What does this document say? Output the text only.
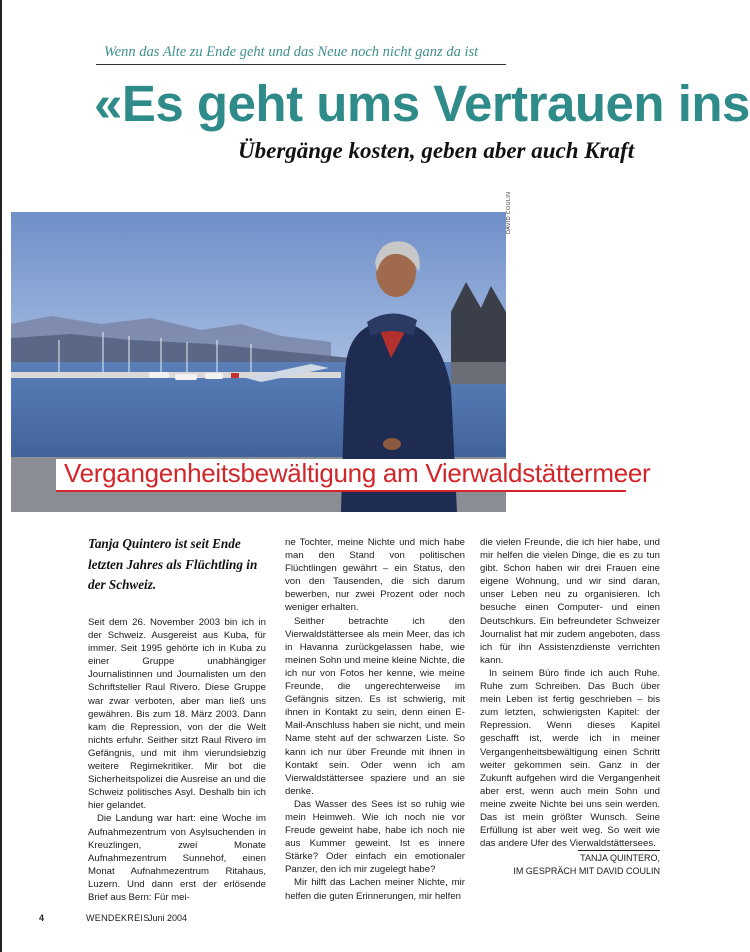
Wenn das Alte zu Ende geht und das Neue noch nicht ganz da ist
«Es geht ums Vertrauen ins
Übergänge kosten, geben aber auch Kraft
DAVID COULIN
Vergangenheitsbewältigung am Vierwaldstättermeer
Tanja Quintero ist seit Ende letzten Jahres als Flüchtling in der Schweiz.

Seit dem 26. November 2003 bin ich in der Schweiz. Ausgereist aus Kuba, für immer. Seit 1995 gehörte ich in Kuba zu einer Gruppe unabhängiger Journalistinnen und Journalisten um den Schriftsteller Raul Rivero. Diese Gruppe war zwar verboten, aber man ließ uns gewähren. Bis zum 18. März 2003. Dann kam die Repression, von der die Welt nichts erfuhr. Seither sitzt Raul Rivero im Gefängnis, und mit ihm vierundsiebzig weitere Regimekritiker. Mir bot die Sicherheitspolizei die Ausreise an und die Schweiz politisches Asyl. Deshalb bin ich hier gelandet.

Die Landung war hart: eine Woche im Aufnahmezentrum von Asylsuchenden in Kreuzlingen, zwei Monate Aufnahmezentrum Sunnehof, einen Monat Aufnahmezentrum Ritahaus, Luzern. Und dann erst der erlösende Brief aus Bern: Für mei-

ne Tochter, meine Nichte und mich habe man den Stand von politischen Flüchtlingen gewährt – ein Status, den von den Tausenden, die sich darum bewerben, nur zwei Prozent oder noch weniger erhalten.

Seither betrachte ich den Vierwaldstättersee als mein Meer, das ich in Havanna zurückgelassen habe, wie meinen Sohn und meine kleine Nichte, die ich nur von Fotos her kenne, wie meine Freunde, die ungerechterweise im Gefängnis sitzen. Es ist schwierig, mit ihnen in Kontakt zu sein, denn einen E-Mail-Anschluss haben sie nicht, und mein Name steht auf der schwarzen Liste. So kann ich nur über Freunde mit ihnen in Kontakt sein. Oder wenn ich am Vierwaldstättersee spaziere und an sie denke.

Das Wasser des Sees ist so ruhig wie mein Heimweh. Wie ich noch nie vor Freude geweint habe, habe ich noch nie aus Kummer geweint. Ist es innere Stärke? Oder einfach ein emotionaler Panzer, den ich mir zugelegt habe?

Mir hilft das Lachen meiner Nichte, mir helfen die guten Erinnerungen, mir helfen

die vielen Freunde, die ich hier habe, und mir helfen die vielen Dinge, die es zu tun gibt. Schon haben wir drei Frauen eine eigene Wohnung, und wir sind daran, unser Leben neu zu organisieren. Ich besuche einen Computer- und einen Deutschkurs. Ein befreundeter Schweizer Journalist hat mir zudem angeboten, dass ich für ihn Assistenzdienste verrichten kann.

In seinem Büro finde ich auch Ruhe. Ruhe zum Schreiben. Das Buch über mein Leben ist fertig geschrieben – bis zum letzten, schwierigsten Kapitel: der Repression. Wenn dieses Kapitel geschafft ist, werde ich in meiner Vergangenheitsbewältigung einen Schritt weiter gekommen sein. Ganz in der Zukunft aufgehen wird die Vergangenheit aber erst, wenn auch mein Sohn und meine zweite Nichte bei uns sein werden. Das ist mein größter Wunsch. Seine Erfüllung ist aber weit weg. So weit wie das andere Ufer des Vierwaldstättersees.

TANJA QUINTERO,
IM GESPRÄCH MIT DAVID COULIN
4	WENDEKREIS
Juni 2004
